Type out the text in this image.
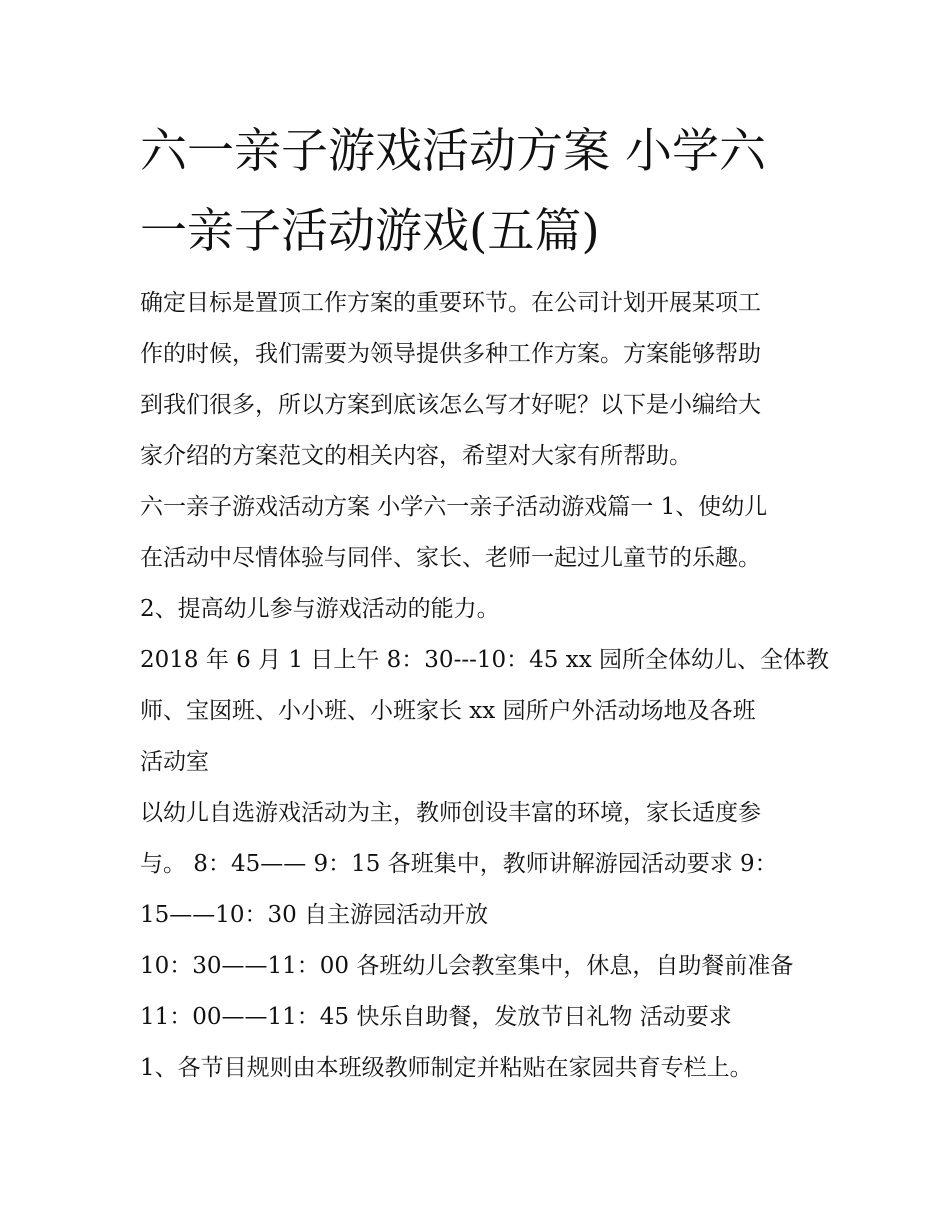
六一亲子游戏活动方案 小学六
一亲子活动游戏(五篇)
确定目标是置顶工作方案的重要环节。在公司计划开展某项工
作的时候，我们需要为领导提供多种工作方案。方案能够帮助
到我们很多，所以方案到底该怎么写才好呢？以下是小编给大
家介绍的方案范文的相关内容，希望对大家有所帮助。
六一亲子游戏活动方案 小学六一亲子活动游戏篇一 1、使幼儿
在活动中尽情体验与同伴、家长、老师一起过儿童节的乐趣。
2、提高幼儿参与游戏活动的能力。
2018 年 6 月 1 日上午 8：30---10：45 xx 园所全体幼儿、全体教
师、宝囡班、小小班、小班家长 xx 园所户外活动场地及各班
活动室
以幼儿自选游戏活动为主，教师创设丰富的环境，家长适度参
与。 8：45—— 9：15 各班集中，教师讲解游园活动要求 9：
15——10：30 自主游园活动开放
10：30——11：00 各班幼儿会教室集中，休息，自助餐前准备
11：00——11：45 快乐自助餐，发放节日礼物 活动要求
1、各节目规则由本班级教师制定并粘贴在家园共育专栏上。
